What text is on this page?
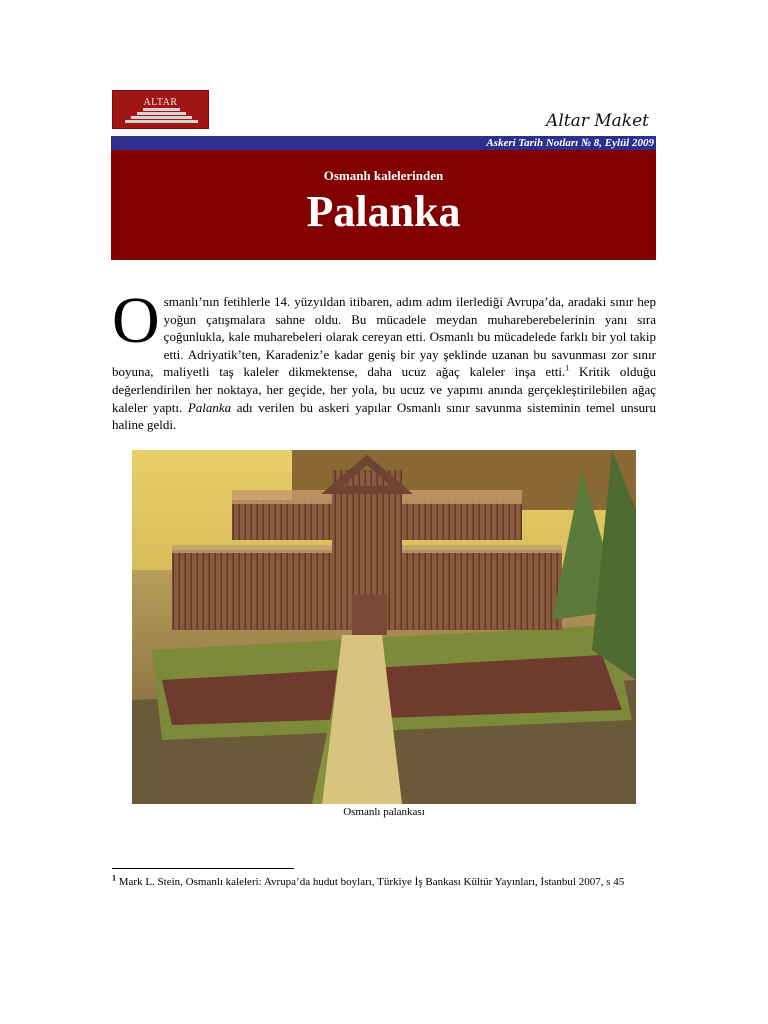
ALTAR
Altar Maket
Askeri Tarih Notları № 8, Eylül 2009
Osmanlı kalelerinden
Palanka
Osmanlı’nın fetihlerle 14. yüzyıldan itibaren, adım adım ilerlediği Avrupa’da, aradaki sınır hep yoğun çatışmalara sahne oldu. Bu mücadele meydan muhareberebelerinin yanı sıra çoğunlukla, kale muharebeleri olarak cereyan etti. Osmanlı bu mücadelede farklı bir yol takip etti. Adriyatik’ten, Karadeniz’e kadar geniş bir yay şeklinde uzanan bu savunması zor sınır boyuna, maliyetli taş kaleler dikmektense, daha ucuz ağaç kaleler inşa etti.$^1$ Kritik olduğu değerlendirilen her noktaya, her geçide, her yola, bu ucuz ve yapımı anında gerçekleştirilebilen ağaç kaleler yaptı. Palanka adı verilen bu askeri yapılar Osmanlı sınır savunma sisteminin temel unsuru haline geldi.
Osmanlı palankası
$^1$ Mark L. Stein, Osmanlı kaleleri: Avrupa’da hudut boyları, Türkiye İş Bankası Kültür Yayınları, İstanbul 2007, s 45
